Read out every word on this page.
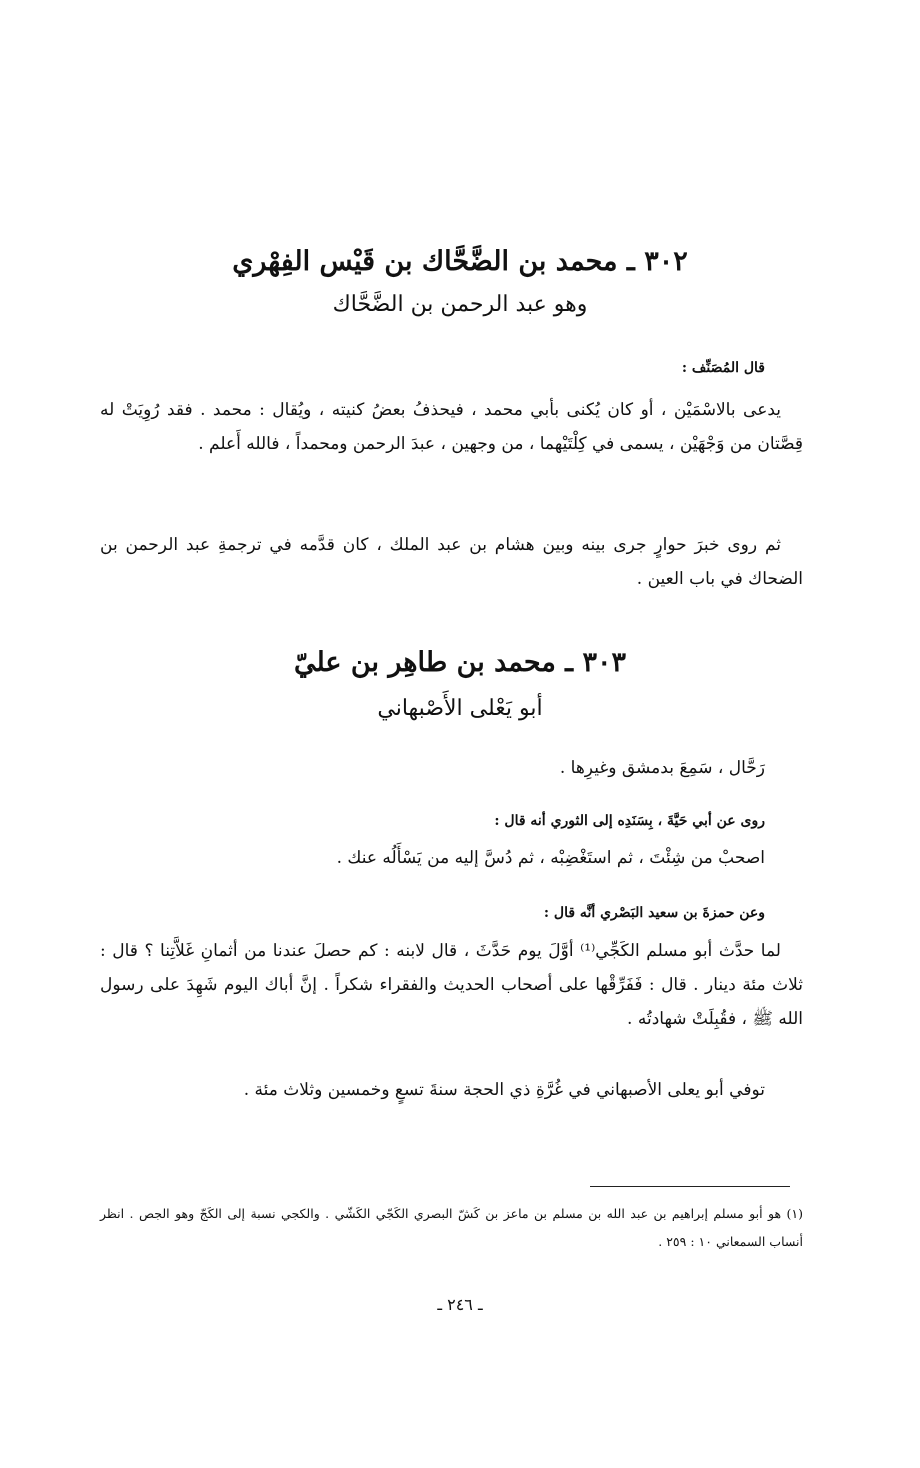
٣٠٢ ـ محمد بن الضَّحَّاك بن قَيْس الفِهْري
وهو عبد الرحمن بن الضَّحَّاك
قال المُصَنِّف :
يدعى بالاسْمَيْن ، أو كان يُكنى بأبي محمد ، فيحذفُ بعضُ كنيته ، ويُقال : محمد . فقد رُوِيَتْ له قِصَّتان من وَجْهَيْن ، يسمى في كِلْتَيْهما ، من وجهين ، عبدَ الرحمن ومحمداً ، فالله أَعلم .
ثم روى خبرَ حوارٍ جرى بينه وبين هشام بن عبد الملك ، كان قدَّمه في ترجمةِ عبد الرحمن بن الضحاك في باب العين .
٣٠٣ ـ محمد بن طاهِر بن عليّ
أبو يَعْلى الأَصْبهاني
رَحَّال ، سَمِعَ بدمشق وغيرِها .
روى عن أبي حَيَّةَ ، بِسَنَدِه إلى الثوري أنه قال :
اصحبْ من شِئْتَ ، ثم استَغْضِبْه ، ثم دُسَّ إليه من يَسْأَلُه عنك .
وعن حمزةَ بن سعيد البَصْري أنَّه قال :
لما حدَّث أبو مسلم الكَجِّي⁽¹⁾ أوَّلَ يوم حَدَّثَ ، قال لابنه : كم حصلَ عندنا من أثمانِ غَلاَّتِنا ؟ قال : ثلاث مئة دينار . قال : فَفَرِّقْها على أصحاب الحديث والفقراء شكراً . إنَّ أباك اليوم شَهِدَ على رسول الله ﷺ ، فقُبِلَتْ شهادتُه .
توفي أبو يعلى الأصبهاني في غُرَّةِ ذي الحجة سنةَ تسعٍ وخمسين وثلاث مئة .
(١) هو أبو مسلم إبراهيم بن عبد الله بن مسلم بن ماعز بن كَشّ البصري الكَجّي الكَشّي . والكجي نسبة إلى الكَجّ وهو الجص . انظر أنساب السمعاني ١٠ : ٢٥٩ .
ـ ٢٤٦ ـ
